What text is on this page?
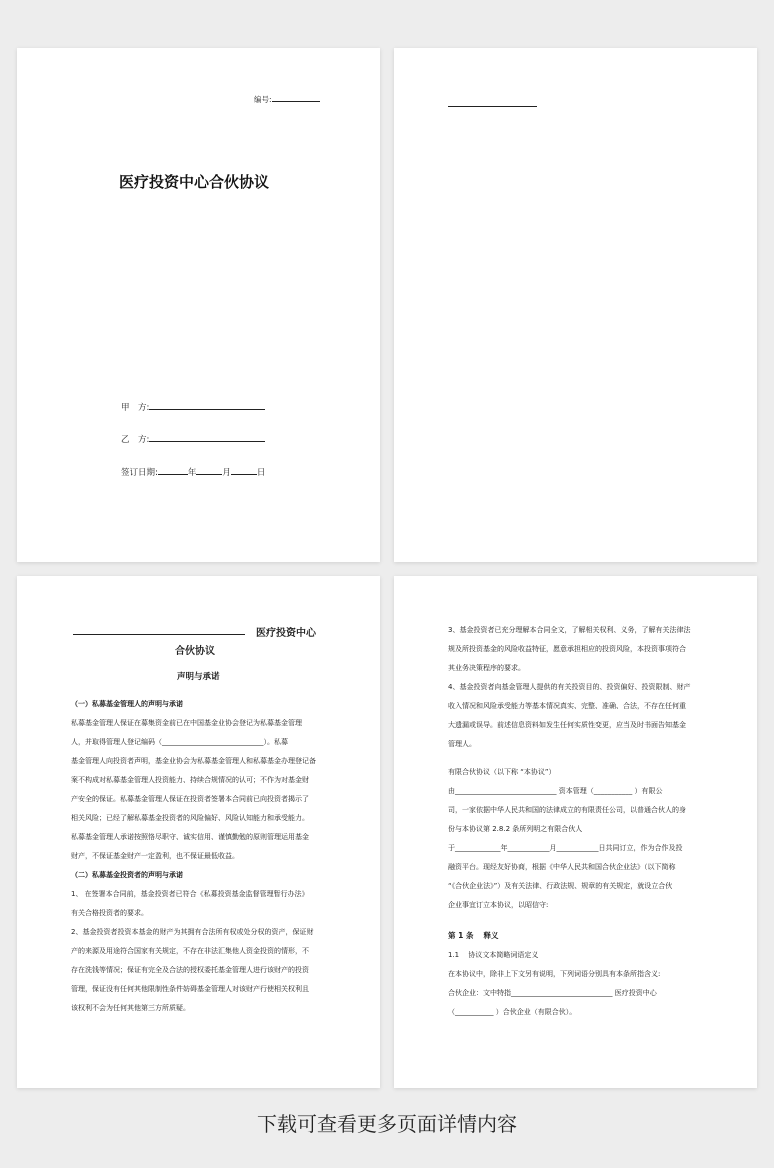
编号:
医疗投资中心合伙协议
甲　方:
乙　方:
签订日期:	年	月	日
医疗投资中心
合伙协议
声明与承诺
（一）私募基金管理人的声明与承诺
私募基金管理人保证在募集资金前已在中国基金业协会登记为私募基金管理
人，并取得管理人登记编码（_____________________________）。私募
基金管理人向投资者声明，基金业协会为私募基金管理人和私募基金办理登记备
案不构成对私募基金管理人投资能力、持续合规情况的认可；不作为对基金财
产安全的保证。私募基金管理人保证在投资者签署本合同前已向投资者揭示了
相关风险；已经了解私募基金投资者的风险偏好、风险认知能力和承受能力。
私募基金管理人承诺按照恪尽职守、诚实信用、谨慎勤勉的原则管理运用基金
财产，不保证基金财产一定盈利，也不保证最低收益。
（二）私募基金投资者的声明与承诺
1、 在签署本合同前，基金投资者已符合《私募投资基金监督管理暂行办法》
有关合格投资者的要求。
2、基金投资者投资本基金的财产为其拥有合法所有权或处分权的资产，保证财
产的来源及用途符合国家有关规定，不存在非法汇集他人资金投资的情形，不
存在洗钱等情况；保证有完全及合法的授权委托基金管理人进行该财产的投资
管理，保证没有任何其他限制性条件妨碍基金管理人对该财产行使相关权利且
该权利不会为任何其他第三方所质疑。
3、基金投资者已充分理解本合同全文，了解相关权利、义务，了解有关法律法
规及所投资基金的风险收益特征，愿意承担相应的投资风险，本投资事项符合
其业务决策程序的要求。
4、基金投资者向基金管理人提供的有关投资目的、投资偏好、投资限制、财产
收入情况和风险承受能力等基本情况真实、完整、准确、合法，不存在任何重
大遗漏或误导。前述信息资料如发生任何实质性变更，应当及时书面告知基金
管理人。
有限合伙协议（以下称 “本协议”）
由_____________________________ 资本管理（___________ ）有限公
司，一家依据中华人民共和国的法律成立的有限责任公司，以普通合伙人的身
份与本协议第 2.8.2 条所列明之有限合伙人
于_____________年____________月____________日共同订立，作为合作及投
融资平台。现经友好协商，根据《中华人民共和国合伙企业法》（以下简称
“《合伙企业法》”）及有关法律、行政法规、规章的有关规定，就设立合伙
企业事宜订立本协议，以昭信守:
第 1 条　 释义
1.1　 协议文本简略词语定义
在本协议中，除非上下文另有说明，下列词语分别具有本条所指含义:
合伙企业：文中特指_____________________________ 医疗投资中心
（___________ ）合伙企业（有限合伙）。
下载可查看更多页面详情内容
